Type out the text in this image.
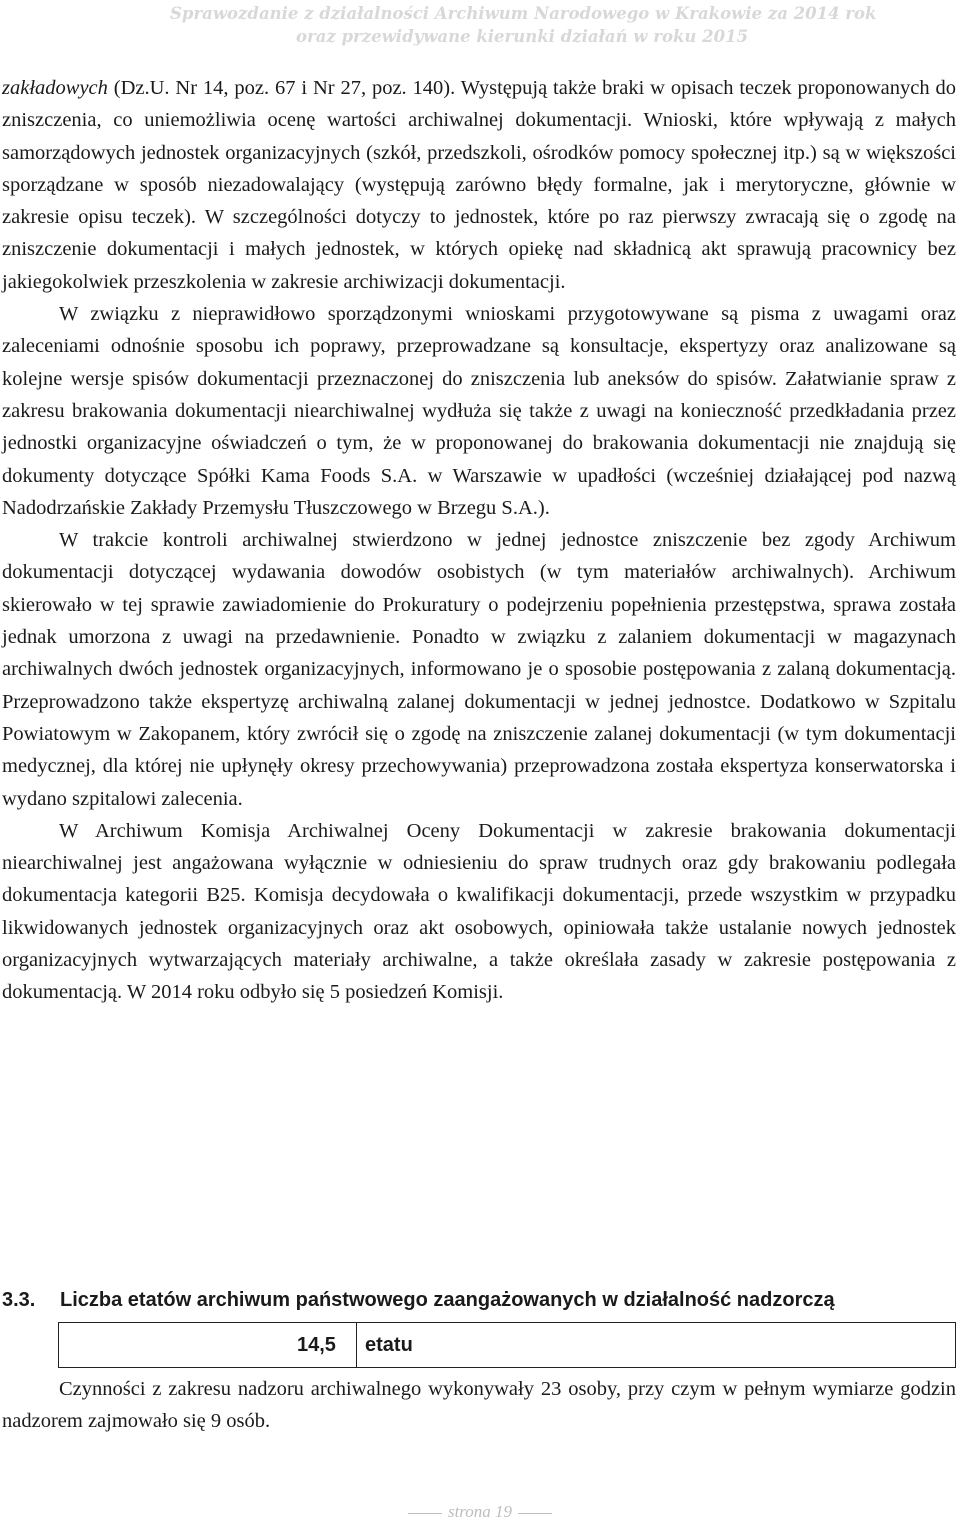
Sprawozdanie z działalności Archiwum Narodowego w Krakowie za 2014 rok
oraz przewidywane kierunki działań w roku 2015

zakładowych (Dz.U. Nr 14, poz. 67 i Nr 27, poz. 140). Występują także braki w opisach teczek proponowanych do zniszczenia, co uniemożliwia ocenę wartości archiwalnej dokumentacji. Wnioski, które wpływają z małych samorządowych jednostek organizacyjnych (szkół, przedszkoli, ośrodków pomocy społecznej itp.) są w większości sporządzane w sposób niezadowalający (występują zarówno błędy formalne, jak i merytoryczne, głównie w zakresie opisu teczek). W szczególności dotyczy to jednostek, które po raz pierwszy zwracają się o zgodę na zniszczenie dokumentacji i małych jednostek, w których opiekę nad składnicą akt sprawują pracownicy bez jakiegokolwiek przeszkolenia w zakresie archiwizacji dokumentacji.

W związku z nieprawidłowo sporządzonymi wnioskami przygotowywane są pisma z uwagami oraz zaleceniami odnośnie sposobu ich poprawy, przeprowadzane są konsultacje, ekspertyzy oraz analizowane są kolejne wersje spisów dokumentacji przeznaczonej do zniszczenia lub aneksów do spisów. Załatwianie spraw z zakresu brakowania dokumentacji niearchiwalnej wydłuża się także z uwagi na konieczność przedkładania przez jednostki organizacyjne oświadczeń o tym, że w proponowanej do brakowania dokumentacji nie znajdują się dokumenty dotyczące Spółki Kama Foods S.A. w Warszawie w upadłości (wcześniej działającej pod nazwą Nadodrzańskie Zakłady Przemysłu Tłuszczowego w Brzegu S.A.).

W trakcie kontroli archiwalnej stwierdzono w jednej jednostce zniszczenie bez zgody Archiwum dokumentacji dotyczącej wydawania dowodów osobistych (w tym materiałów archiwalnych). Archiwum skierowało w tej sprawie zawiadomienie do Prokuratury o podejrzeniu popełnienia przestępstwa, sprawa została jednak umorzona z uwagi na przedawnienie. Ponadto w związku z zalaniem dokumentacji w magazynach archiwalnych dwóch jednostek organizacyjnych, informowano je o sposobie postępowania z zalaną dokumentacją. Przeprowadzono także ekspertyzę archiwalną zalanej dokumentacji w jednej jednostce. Dodatkowo w Szpitalu Powiatowym w Zakopanem, który zwrócił się o zgodę na zniszczenie zalanej dokumentacji (w tym dokumentacji medycznej, dla której nie upłynęły okresy przechowywania) przeprowadzona została ekspertyza konserwatorska i wydano szpitalowi zalecenia.

W Archiwum Komisja Archiwalnej Oceny Dokumentacji w zakresie brakowania dokumentacji niearchiwalnej jest angażowana wyłącznie w odniesieniu do spraw trudnych oraz gdy brakowaniu podlegała dokumentacja kategorii B25. Komisja decydowała o kwalifikacji dokumentacji, przede wszystkim w przypadku likwidowanych jednostek organizacyjnych oraz akt osobowych, opiniowała także ustalanie nowych jednostek organizacyjnych wytwarzających materiały archiwalne, a także określała zasady w zakresie postępowania z dokumentacją. W 2014 roku odbyło się 5 posiedzeń Komisji.

3.3. Liczba etatów archiwum państwowego zaangażowanych w działalność nadzorczą
14,5 etatu

Czynności z zakresu nadzoru archiwalnego wykonywały 23 osoby, przy czym w pełnym wymiarze godzin nadzorem zajmowało się 9 osób.

strona 19
